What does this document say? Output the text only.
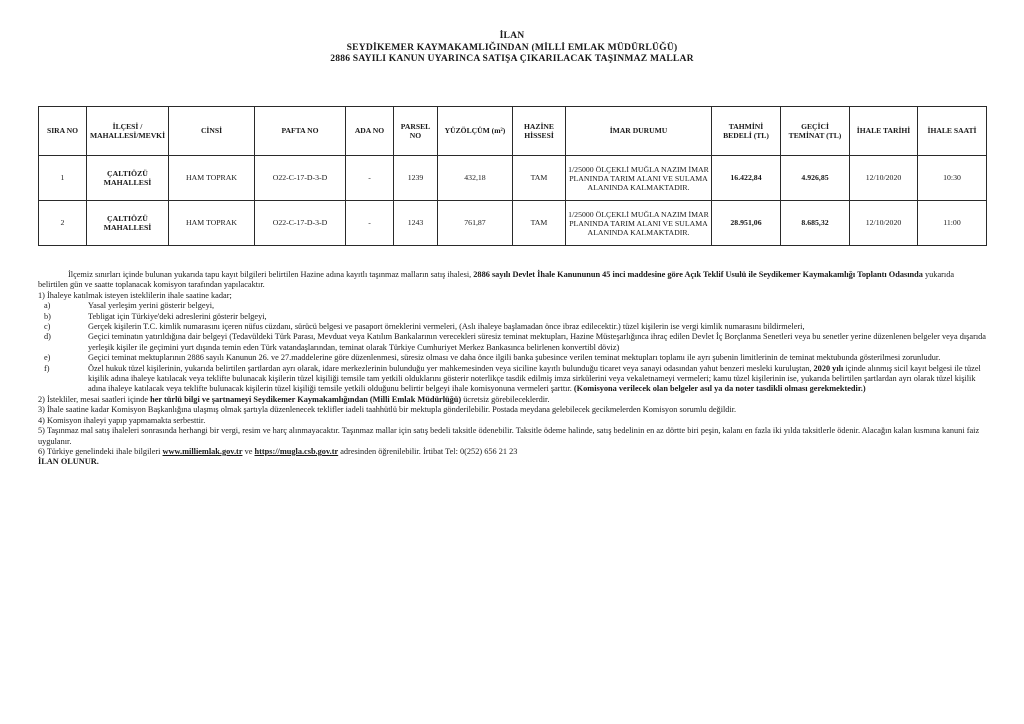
İLAN
SEYDİKEMER KAYMAKAMLIĞINDAN (MİLLİ EMLAK MÜDÜRLÜĞÜ)
2886 SAYILI KANUN UYARINCA SATIŞA ÇIKARILACAK TAŞINMAZ MALLAR
SIRA NO	İLÇESİ / MAHALLESİ/MEVKİ	CİNSİ	PAFTA NO	ADA NO	PARSEL NO	YÜZÖLÇÜM (m²)	HAZİNE HİSSESİ	İMAR DURUMU	TAHMİNİ BEDELİ (TL)	GEÇİCİ TEMİNAT (TL)	İHALE TARİHİ	İHALE SAATİ
1	ÇALTIÖZÜ MAHALLESİ	HAM TOPRAK	O22-C-17-D-3-D	-	1239	432,18	TAM	1/25000 ÖLÇEKLİ MUĞLA NAZIM İMAR PLANINDA TARIM ALANI VE SULAMA ALANINDA KALMAKTADIR.	16.422,84	4.926,85	12/10/2020	10:30
2	ÇALTIÖZÜ MAHALLESİ	HAM TOPRAK	O22-C-17-D-3-D	-	1243	761,87	TAM	1/25000 ÖLÇEKLİ MUĞLA NAZIM İMAR PLANINDA TARIM ALANI VE SULAMA ALANINDA KALMAKTADIR.	28.951,06	8.685,32	12/10/2020	11:00

İlçemiz sınırları içinde bulunan yukarıda tapu kayıt bilgileri belirtilen Hazine adına kayıtlı taşınmaz malların satış ihalesi, 2886 sayılı Devlet İhale Kanununun 45 inci maddesine göre Açık Teklif Usulü ile Seydikemer Kaymakamlığı Toplantı Odasında yukarıda belirtilen gün ve saatte toplanacak komisyon tarafından yapılacaktır.

1) İhaleye katılmak isteyen isteklilerin ihale saatine kadar;

a)	Yasal yerleşim yerini gösterir belgeyi,
b)	Tebligat için Türkiye'deki adreslerini gösterir belgeyi,
c)	Gerçek kişilerin T.C. kimlik numarasını içeren nüfus cüzdanı, sürücü belgesi ve pasaport örneklerini vermeleri, (Aslı ihaleye başlamadan önce ibraz edilecektir.) tüzel kişilerin ise vergi kimlik numarasını bildirmeleri,
d)	Geçici teminatın yatırıldığına dair belgeyi (Tedavüldeki Türk Parası, Mevduat veya Katılım Bankalarının verecekleri süresiz teminat mektupları, Hazine Müsteşarlığınca ihraç edilen Devlet İç Borçlanma Senetleri veya bu senetler yerine düzenlenen belgeler veya dışarıda yerleşik kişiler ile geçimini yurt dışında temin eden Türk vatandaşlarından, teminat olarak Türkiye Cumhuriyet Merkez Bankasınca belirlenen konvertibl döviz)
e)	Geçici teminat mektuplarının 2886 sayılı Kanunun 26. ve 27.maddelerine göre düzenlenmesi, süresiz olması ve daha önce ilgili banka şubesince verilen teminat mektupları toplamı ile ayrı şubenin limitlerinin de teminat mektubunda gösterilmesi zorunludur.
f)	Özel hukuk tüzel kişilerinin, yukarıda belirtilen şartlardan ayrı olarak, idare merkezlerinin bulunduğu yer mahkemesinden veya siciline kayıtlı bulunduğu ticaret veya sanayi odasından yahut benzeri mesleki kuruluştan, 2020 yılı içinde alınmış sicil kayıt belgesi ile tüzel kişilik adına ihaleye katılacak veya teklifte bulunacak kişilerin tüzel kişiliği temsile tam yetkili olduklarını gösterir noterlikçe tasdik edilmiş imza sirkülerini veya vekaletnameyi vermeleri; kamu tüzel kişilerinin ise, yukarıda belirtilen şartlardan ayrı olarak tüzel kişilik adına ihaleye katılacak veya teklifte bulunacak kişilerin tüzel kişiliği temsile yetkili olduğunu belirtir belgeyi ihale komisyonuna vermeleri şarttır. (Komisyona verilecek olan belgeler asıl ya da noter tasdikli olması gerekmektedir.)

2) İstekliler, mesai saatleri içinde her türlü bilgi ve şartnameyi Seydikemer Kaymakamlığından (Milli Emlak Müdürlüğü) ücretsiz görebileceklerdir.

3) İhale saatine kadar Komisyon Başkanlığına ulaşmış olmak şartıyla düzenlenecek teklifler iadeli taahhütlü bir mektupla gönderilebilir. Postada meydana gelebilecek gecikmelerden Komisyon sorumlu değildir.

4) Komisyon ihaleyi yapıp yapmamakta serbesttir.

5) Taşınmaz mal satış ihaleleri sonrasında herhangi bir vergi, resim ve harç alınmayacaktır. Taşınmaz mallar için satış bedeli taksitle ödenebilir. Taksitle ödeme halinde, satış bedelinin en az dörtte biri peşin, kalanı en fazla iki yılda taksitlerle ödenir. Alacağın kalan kısmına kanuni faiz uygulanır.

6) Türkiye genelindeki ihale bilgileri www.milliemlak.gov.tr ve https://mugla.csb.gov.tr adresinden öğrenilebilir. İrtibat Tel: 0(252) 656 21 23

İLAN OLUNUR.
